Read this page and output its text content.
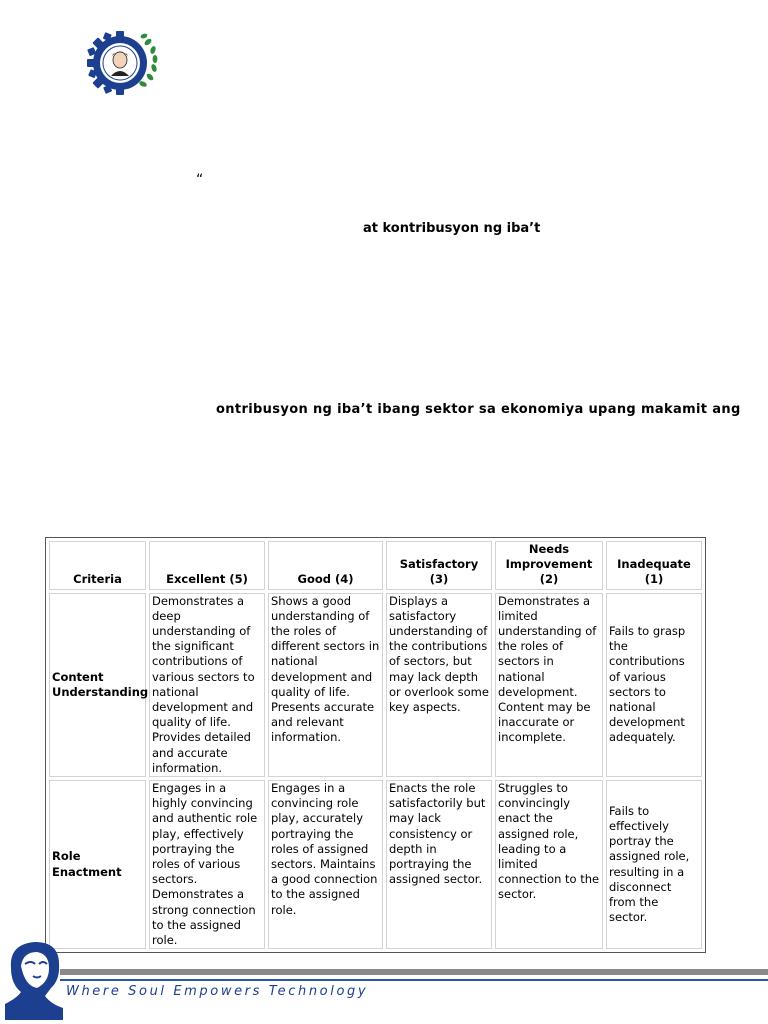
“
at kontribusyon ng iba’t
ontribusyon ng iba’t ibang sektor sa ekonomiya upang makamit ang
Criteria	Excellent (5)	Good (4)	Satisfactory (3)	Needs Improvement (2)	Inadequate (1)
Content Understanding	Demonstrates a deep understanding of the significant contributions of various sectors to national development and quality of life. Provides detailed and accurate information.	Shows a good understanding of the roles of different sectors in national development and quality of life. Presents accurate and relevant information.	Displays a satisfactory understanding of the contributions of sectors, but may lack depth or overlook some key aspects.	Demonstrates a limited understanding of the roles of sectors in national development. Content may be inaccurate or incomplete.	Fails to grasp the contributions of various sectors to national development adequately.
Role Enactment	Engages in a highly convincing and authentic role play, effectively portraying the roles of various sectors. Demonstrates a strong connection to the assigned role.	Engages in a convincing role play, accurately portraying the roles of assigned sectors. Maintains a good connection to the assigned role.	Enacts the role satisfactorily but may lack consistency or depth in portraying the assigned sector.	Struggles to convincingly enact the assigned role, leading to a limited connection to the sector.	Fails to effectively portray the assigned role, resulting in a disconnect from the sector.
Where Soul Empowers Technology
